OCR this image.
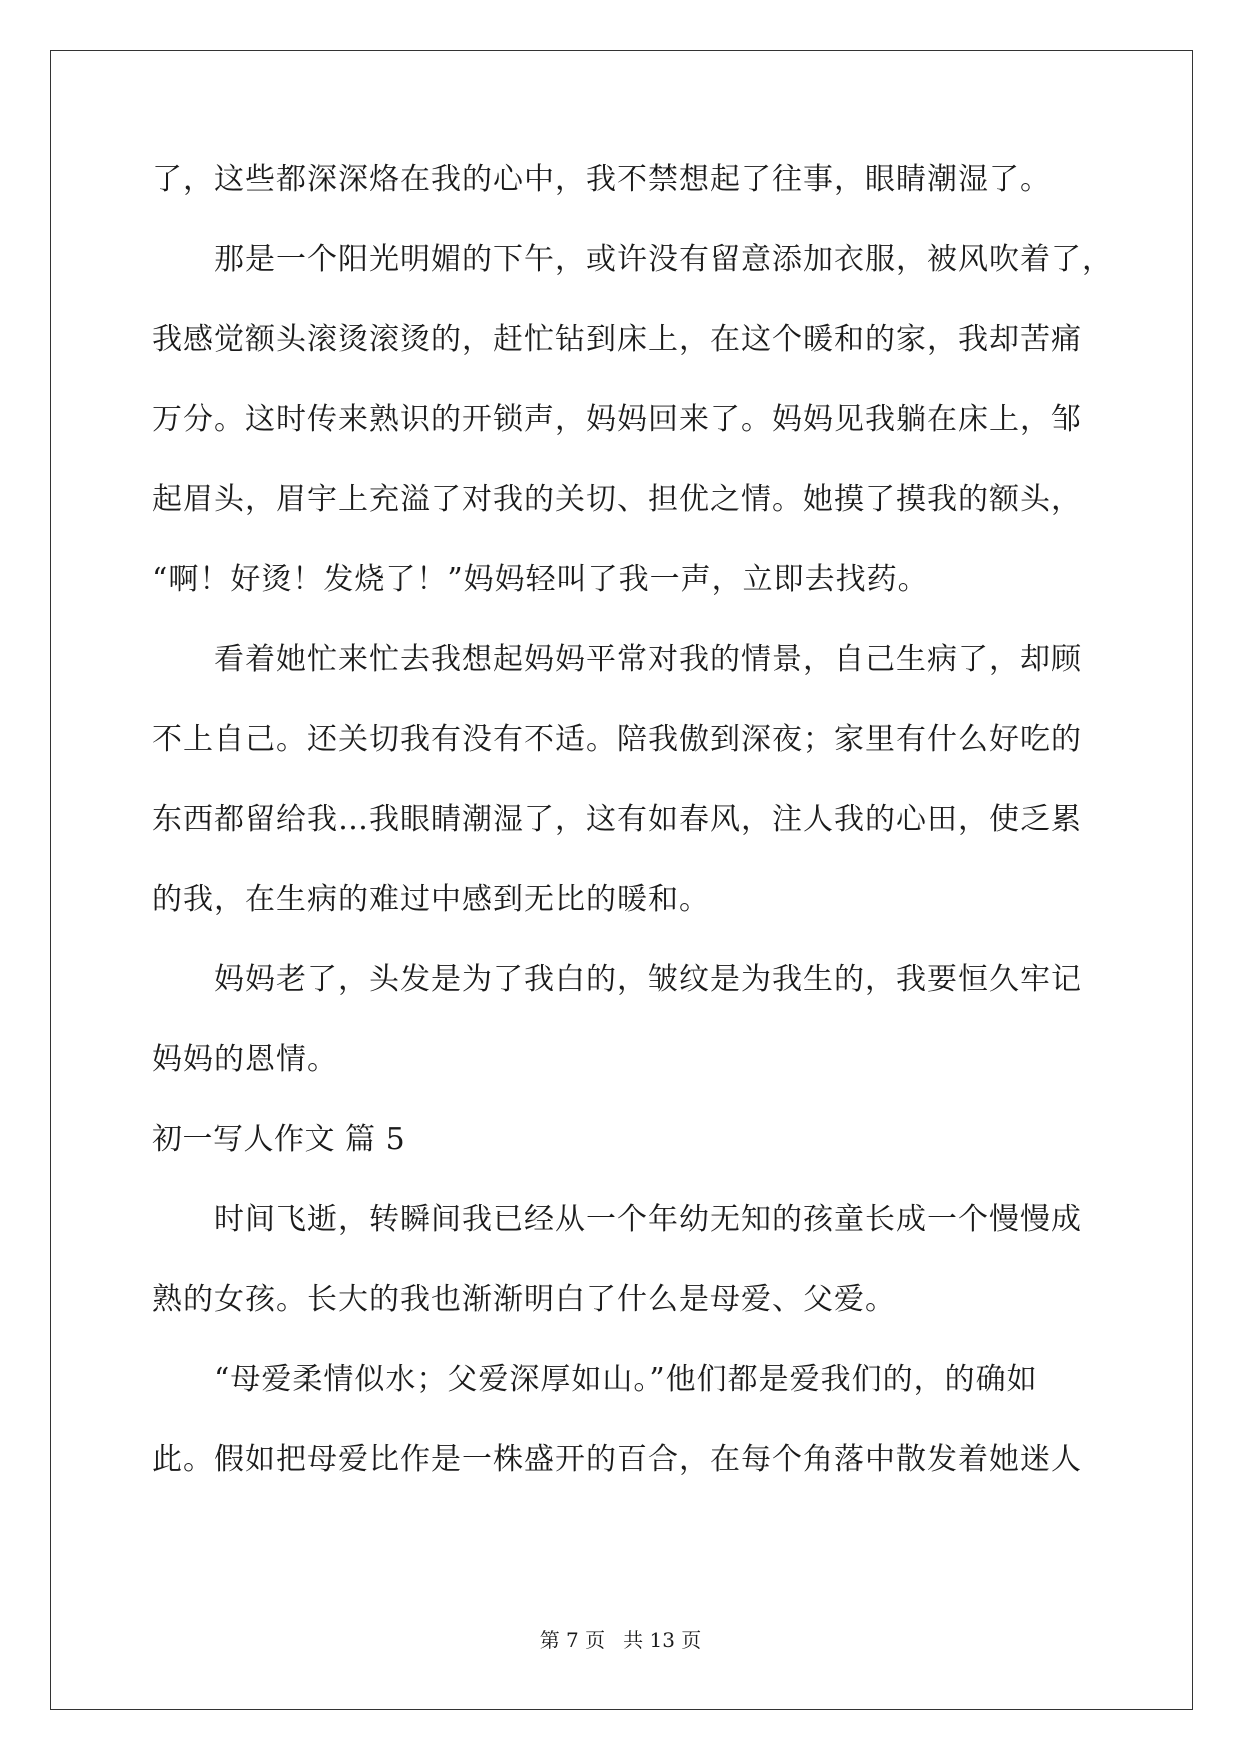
了，这些都深深烙在我的心中，我不禁想起了往事，眼睛潮湿了。
那是一个阳光明媚的下午，或许没有留意添加衣服，被风吹着了，
我感觉额头滚烫滚烫的，赶忙钻到床上，在这个暖和的家，我却苦痛
万分。这时传来熟识的开锁声，妈妈回来了。妈妈见我躺在床上，邹
起眉头，眉宇上充溢了对我的关切、担优之情。她摸了摸我的额头，
“啊！好烫！发烧了！”妈妈轻叫了我一声，立即去找药。
看着她忙来忙去我想起妈妈平常对我的情景，自己生病了，却顾
不上自己。还关切我有没有不适。陪我傲到深夜；家里有什么好吃的
东西都留给我…我眼睛潮湿了，这有如春风，注人我的心田，使乏累
的我，在生病的难过中感到无比的暖和。
妈妈老了，头发是为了我白的，皱纹是为我生的，我要恒久牢记
妈妈的恩情。
初一写人作文 篇 5
时间飞逝，转瞬间我已经从一个年幼无知的孩童长成一个慢慢成
熟的女孩。长大的我也渐渐明白了什么是母爱、父爱。
“母爱柔情似水；父爱深厚如山。”他们都是爱我们的，的确如
此。假如把母爱比作是一株盛开的百合，在每个角落中散发着她迷人
第 7 页 共 13 页
